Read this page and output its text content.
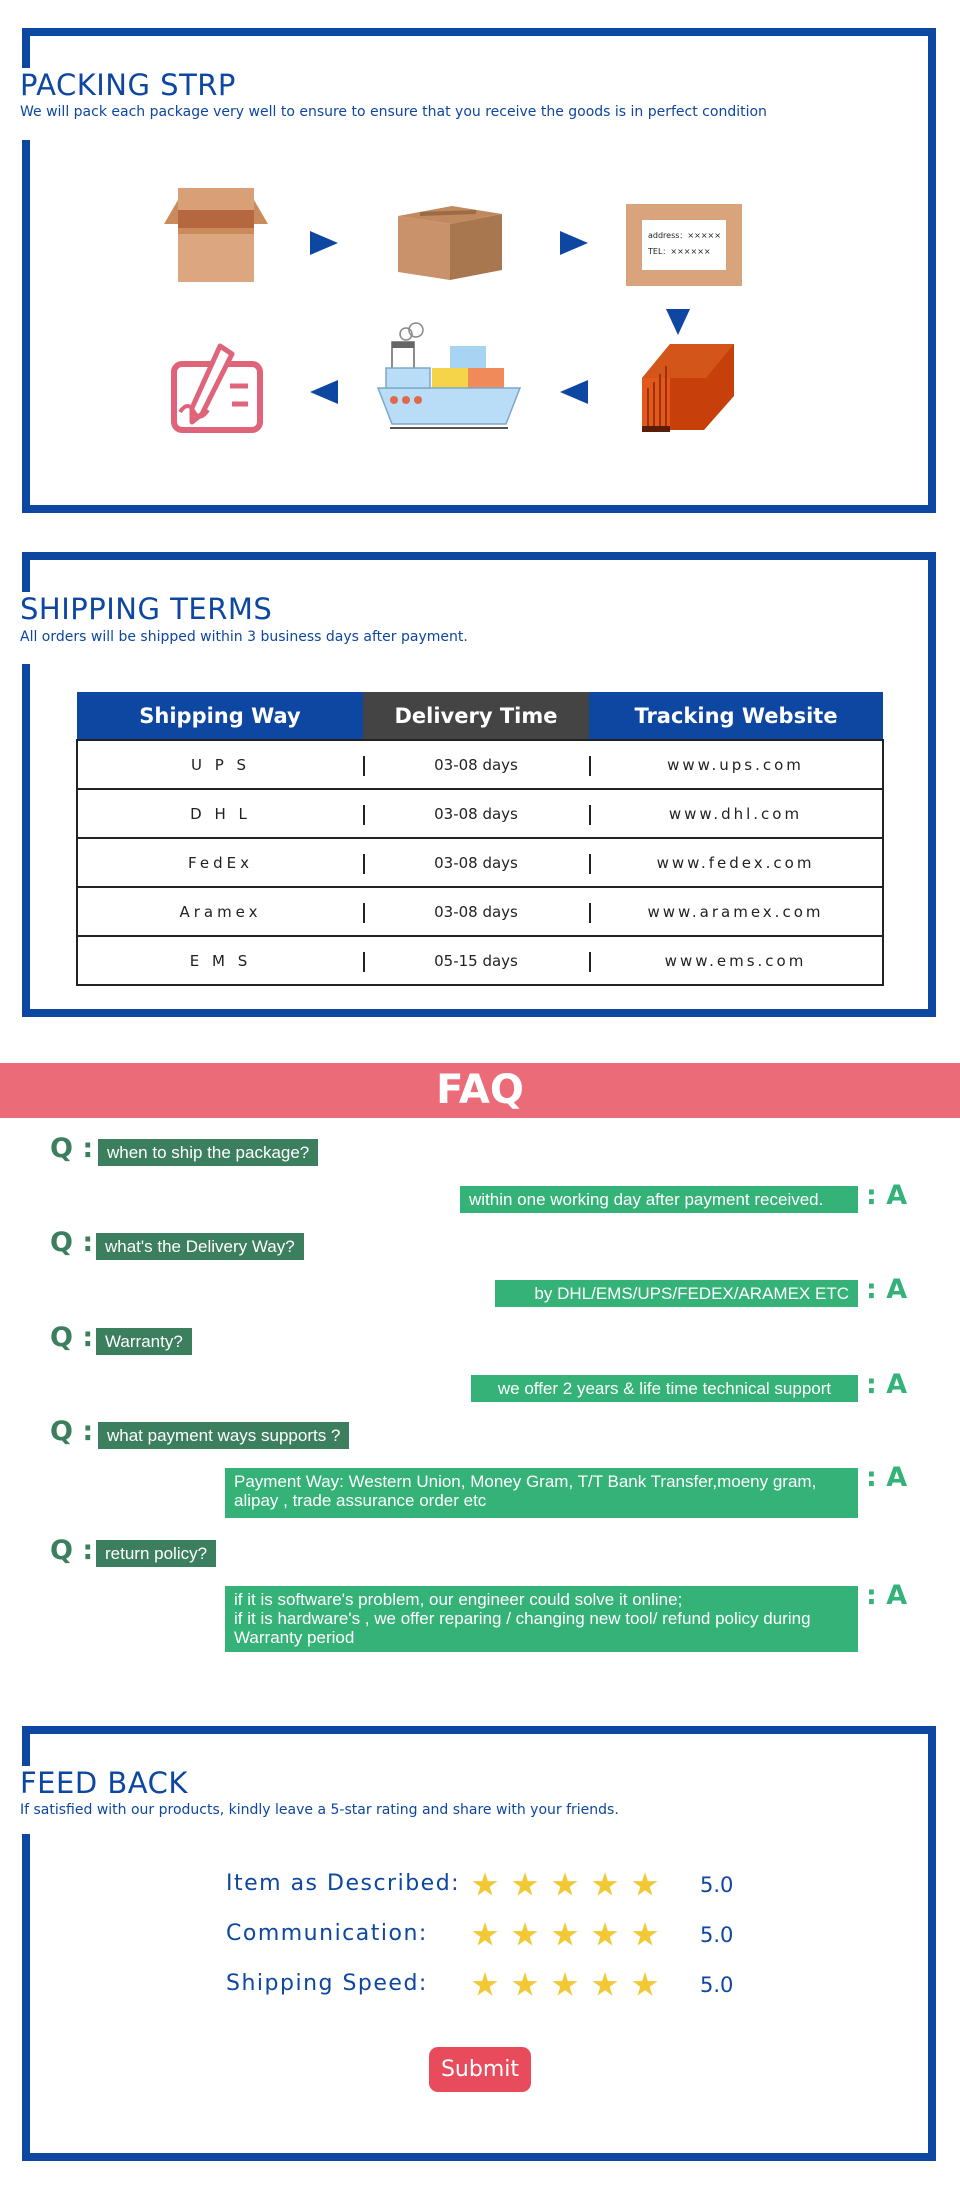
PACKING STRP
We will pack each package very well to ensure to ensure that you receive the goods is in perfect condition
address：×××××
TEL：××××××
SHIPPING TERMS
All orders will be shipped within 3 business days after payment.
Shipping Way	Delivery Time	Tracking Website
U P S	03-08 days	www.ups.com
D H L	03-08 days	www.dhl.com
FedEx	03-08 days	www.fedex.com
Aramex	03-08 days	www.aramex.com
E M S	05-15 days	www.ems.com
FAQ
Q : when to ship the package?
within one working day after payment received.	: A
Q : what's the Delivery Way?
by DHL/EMS/UPS/FEDEX/ARAMEX ETC : A
Q : Warranty?
we offer 2 years & life time technical support	: A
Q : what payment ways supports ?
Payment Way: Western Union, Money Gram, T/T Bank Transfer,moeny gram, alipay , trade assurance order etc
: A
Q : return policy?
if it is software's problem, our engineer could solve it online;
if it is hardware's , we offer reparing / changing new tool/ refund policy during Warranty period
: A
FEED BACK
If satisfied with our products, kindly leave a 5-star rating and share with your friends.
Item as Described:	5.0
Communication:	5.0
Shipping Speed:	5.0
Submit
